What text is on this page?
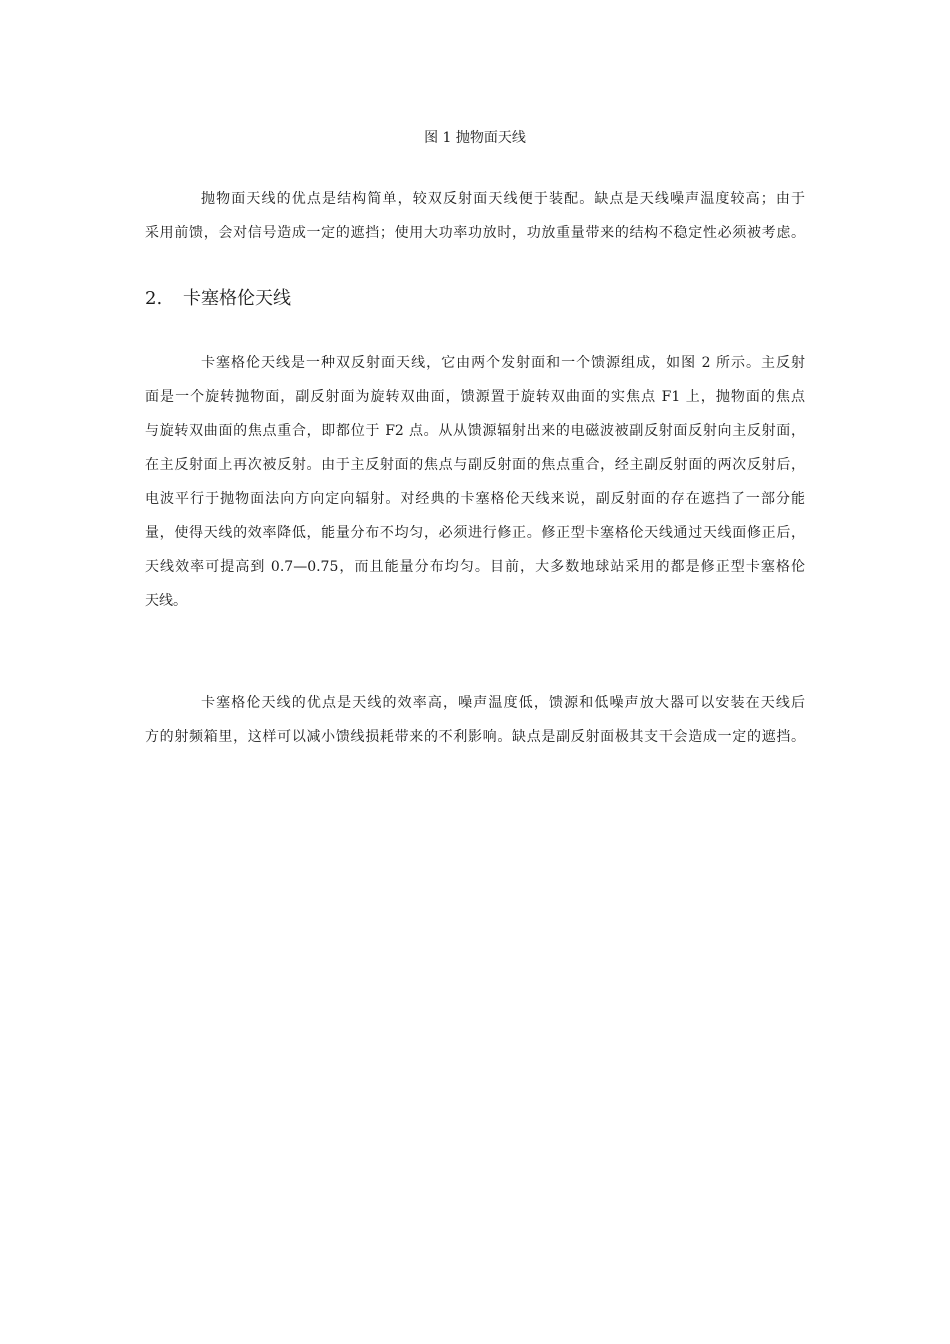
图 1 抛物面天线
抛物面天线的优点是结构简单，较双反射面天线便于装配。缺点是天线噪声温度较高；由于
采用前馈，会对信号造成一定的遮挡；使用大功率功放时，功放重量带来的结构不稳定性必须被考虑。
2. 卡塞格伦天线
卡塞格伦天线是一种双反射面天线，它由两个发射面和一个馈源组成，如图 2 所示。主反射
面是一个旋转抛物面，副反射面为旋转双曲面，馈源置于旋转双曲面的实焦点 F1 上，抛物面的焦点
与旋转双曲面的焦点重合，即都位于 F2 点。从从馈源辐射出来的电磁波被副反射面反射向主反射面，
在主反射面上再次被反射。由于主反射面的焦点与副反射面的焦点重合，经主副反射面的两次反射后，
电波平行于抛物面法向方向定向辐射。对经典的卡塞格伦天线来说，副反射面的存在遮挡了一部分能
量，使得天线的效率降低，能量分布不均匀，必须进行修正。修正型卡塞格伦天线通过天线面修正后，
天线效率可提高到 0.7—0.75，而且能量分布均匀。目前，大多数地球站采用的都是修正型卡塞格伦
天线。
卡塞格伦天线的优点是天线的效率高，噪声温度低，馈源和低噪声放大器可以安装在天线后
方的射频箱里，这样可以减小馈线损耗带来的不利影响。缺点是副反射面极其支干会造成一定的遮挡。
